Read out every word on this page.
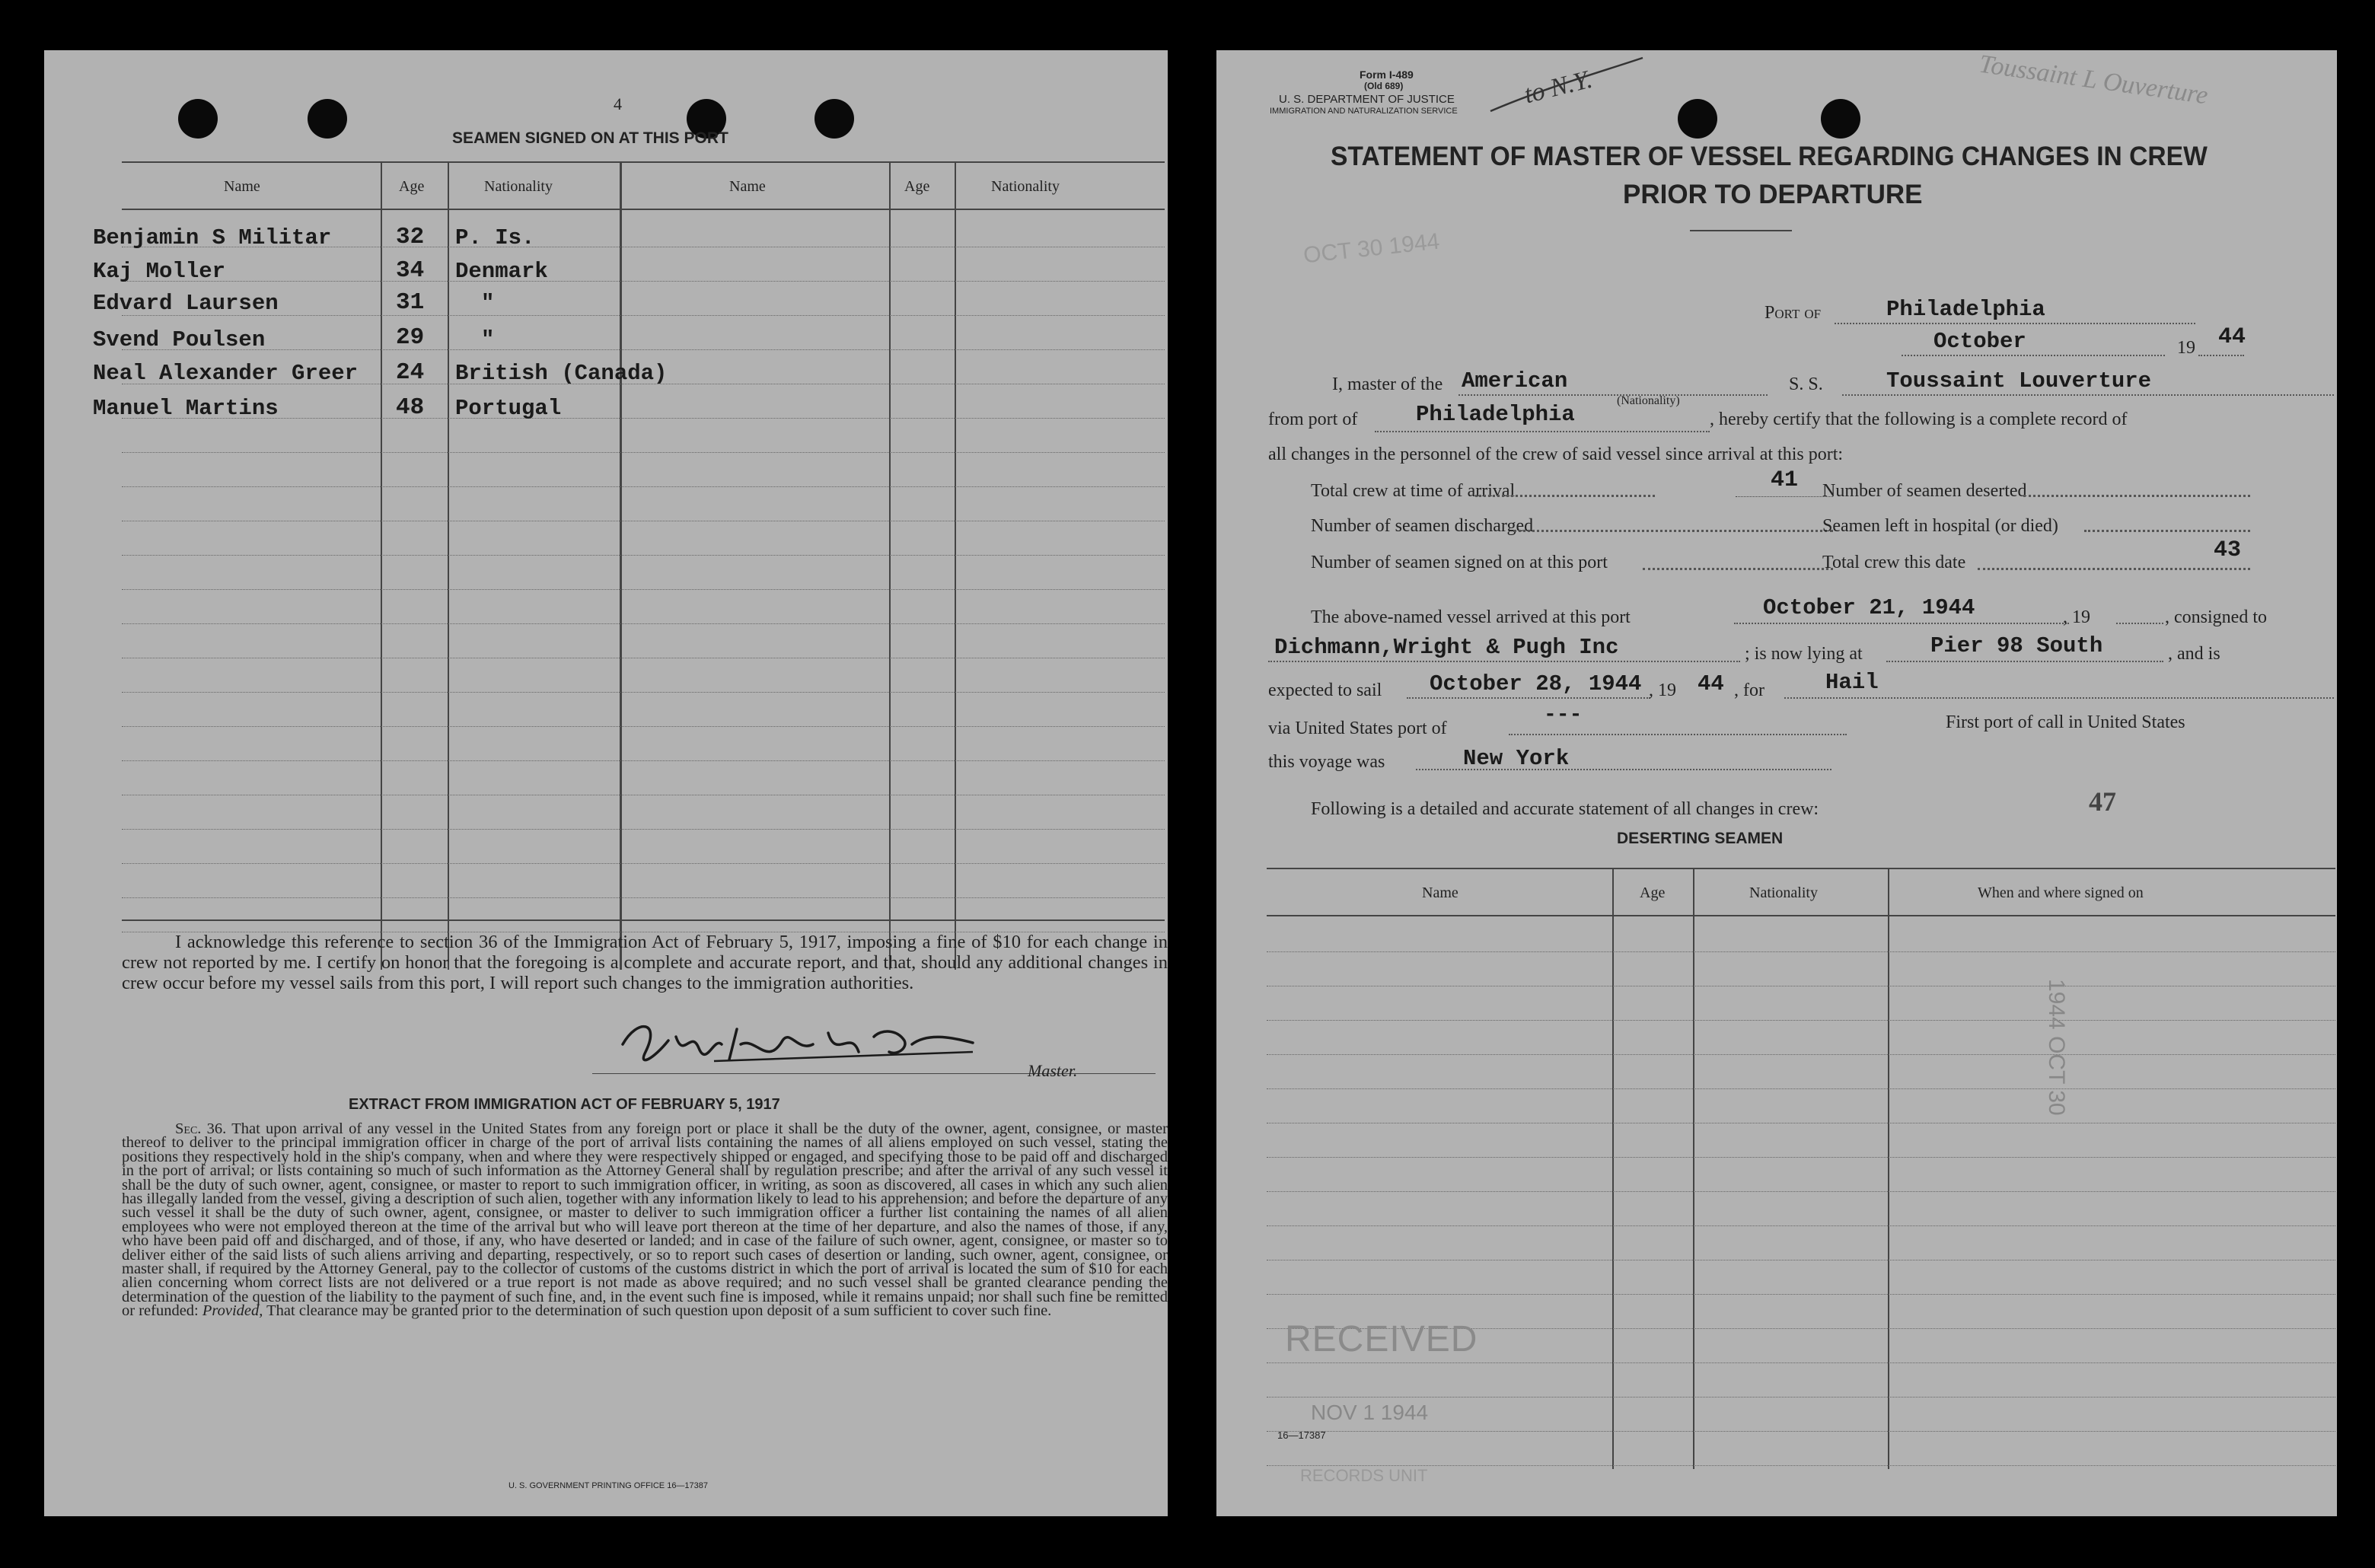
4
SEAMEN SIGNED ON AT THIS PORT
Name	Age	Nationality	Name	Age	Nationality
Benjamin S Militar	32 P. Is.
Kaj Moller	34 Denmark
Edvard Laursen	31	"
Svend Poulsen	29	"
Neal Alexander Greer 24 British (Canada)
Manuel Martins	48 Portugal
I acknowledge this reference to section 36 of the Immigration Act of February 5, 1917, imposing a fine of $10 for each change in crew not reported by me. I certify on honor that the foregoing is a complete and accurate report, and that, should any additional changes in crew occur before my vessel sails from this port, I will report such changes to the immigration authorities.
Master.
EXTRACT FROM IMMIGRATION ACT OF FEBRUARY 5, 1917
Sec. 36. That upon arrival of any vessel in the United States from any foreign port or place it shall be the duty of the owner, agent, consignee, or master thereof to deliver to the principal immigration officer in charge of the port of arrival lists containing the names of all aliens employed on such vessel, stating the positions they respectively hold in the ship's company, when and where they were respectively shipped or engaged, and specifying those to be paid off and discharged in the port of arrival; or lists containing so much of such information as the Attorney General shall by regulation prescribe; and after the arrival of any such vessel it shall be the duty of such owner, agent, consignee, or master to report to such immigration officer, in writing, as soon as discovered, all cases in which any such alien has illegally landed from the vessel, giving a description of such alien, together with any information likely to lead to his apprehension; and before the departure of any such vessel it shall be the duty of such owner, agent, consignee, or master to deliver to such immigration officer a further list containing the names of all alien employees who were not employed thereon at the time of the arrival but who will leave port thereon at the time of her departure, and also the names of those, if any, who have been paid off and discharged, and of those, if any, who have deserted or landed; and in case of the failure of such owner, agent, consignee, or master so to deliver either of the said lists of such aliens arriving and departing, respectively, or so to report such cases of desertion or landing, such owner, agent, consignee, or master shall, if required by the Attorney General, pay to the collector of customs of the customs district in which the port of arrival is located the sum of $10 for each alien concerning whom correct lists are not delivered or a true report is not made as above required; and no such vessel shall be granted clearance pending the determination of the question of the liability to the payment of such fine, and, in the event such fine is imposed, while it remains unpaid; nor shall such fine be remitted or refunded: Provided, That clearance may be granted prior to the determination of such question upon deposit of a sum sufficient to cover such fine.
U. S. GOVERNMENT PRINTING OFFICE 16—17387
Form I-489
(Old 689)
U. S. DEPARTMENT OF JUSTICE
IMMIGRATION AND NATURALIZATION SERVICE
to N.Y.	Toussaint L Ouverture
STATEMENT OF MASTER OF VESSEL REGARDING CHANGES IN CREW
PRIOR TO DEPARTURE
OCT 30 1944
Port of	Philadelphia
October	19 44
I, master of the American
(Nationality)
S. S.	Toussaint Louverture
from port of	Philadelphia	, hereby certify that the following is a complete record of
all changes in the personnel of the crew of said vessel since arrival at this port:
Total crew at time of arrival	41
Number of seamen discharged
Number of seamen signed on at this port
Number of seamen deserted
Seamen left in hospital (or died)
Total crew this date	43
The above-named vessel arrived at this port	October 21, 1944	, 19	, consigned to
Dichmann,Wright & Pugh Inc	; is now lying at	Pier 98 South	, and is
expected to sail October 28, 1944 , 19 44 , for	Hail
via United States port of
---	First port of call in United States
this voyage was	New York
Following is a detailed and accurate statement of all changes in crew:	47
DESERTING SEAMEN
Name	Age	Nationality	When and where signed on
1944 OCT 30
RECEIVED
NOV 1 1944
16—17387
RECORDS UNIT
